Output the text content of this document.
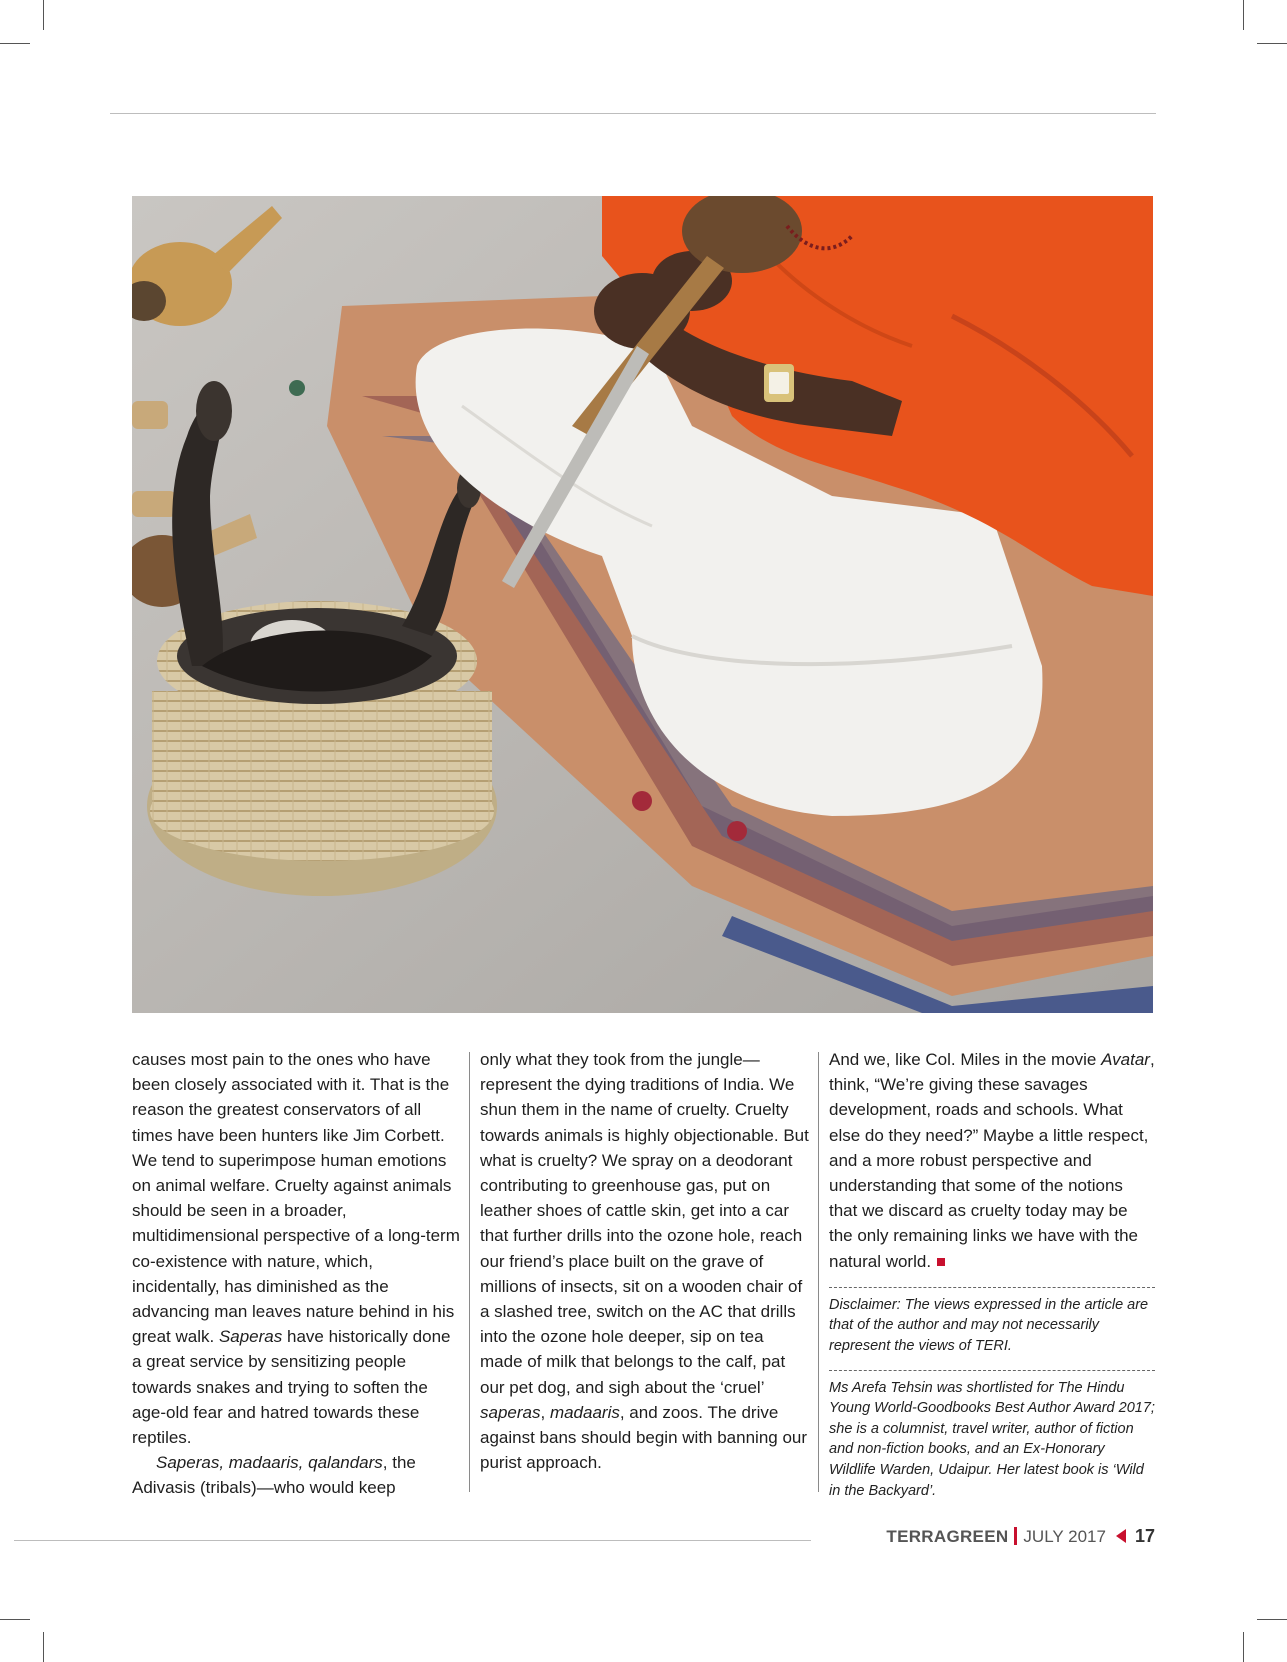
causes most pain to the ones who have been closely associated with it. That is the reason the greatest conservators of all times have been hunters like Jim Corbett. We tend to superimpose human emotions on animal welfare. Cruelty against animals should be seen in a broader, multidimensional perspective of a long-term co-existence with nature, which, incidentally, has diminished as the advancing man leaves nature behind in his great walk. Saperas have historically done a great service by sensitizing people towards snakes and trying to soften the age-old fear and hatred towards these reptiles.

Saperas, madaaris, qalandars, the Adivasis (tribals)—who would keep

only what they took from the jungle—represent the dying traditions of India. We shun them in the name of cruelty. Cruelty towards animals is highly objectionable. But what is cruelty? We spray on a deodorant contributing to greenhouse gas, put on leather shoes of cattle skin, get into a car that further drills into the ozone hole, reach our friend’s place built on the grave of millions of insects, sit on a wooden chair of a slashed tree, switch on the AC that drills into the ozone hole deeper, sip on tea made of milk that belongs to the calf, pat our pet dog, and sigh about the ‘cruel’ saperas, madaaris, and zoos. The drive against bans should begin with banning our purist approach.

And we, like Col. Miles in the movie Avatar, think, “We’re giving these savages development, roads and schools. What else do they need?” Maybe a little respect, and a more robust perspective and understanding that some of the notions that we discard as cruelty today may be the only remaining links we have with the natural world.

Disclaimer: The views expressed in the article are that of the author and may not necessarily represent the views of TERI.

Ms Arefa Tehsin was shortlisted for The Hindu Young World-Goodbooks Best Author Award 2017; she is a columnist, travel writer, author of fiction and non-fiction books, and an Ex-Honorary Wildlife Warden, Udaipur. Her latest book is ‘Wild in the Backyard’.

TERRAGREEN JULY 2017 17
